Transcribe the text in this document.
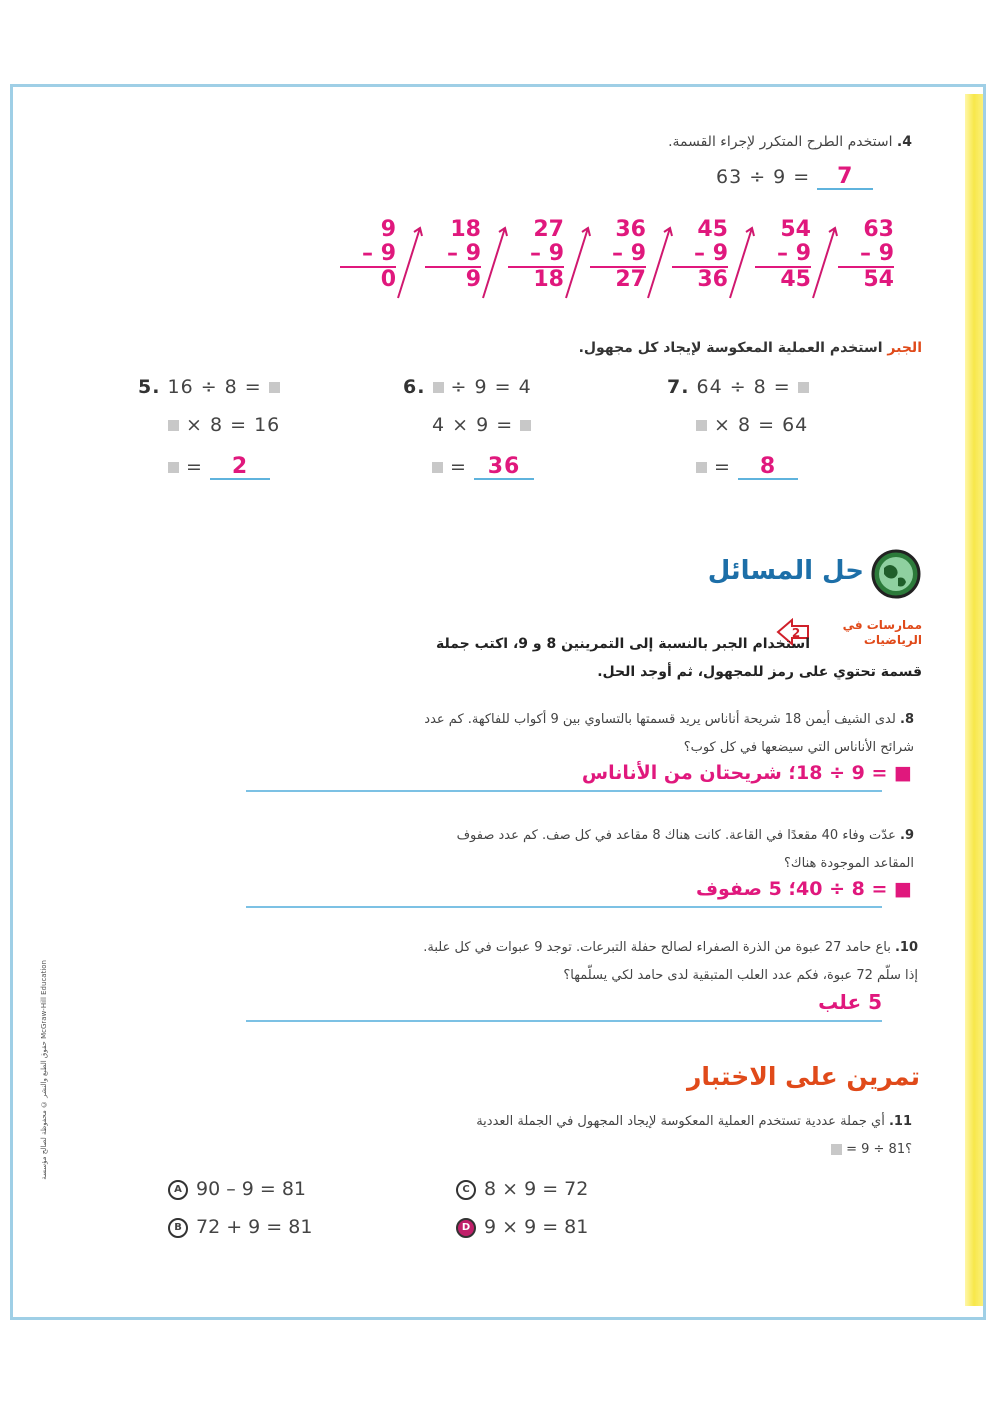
حقوق الطبع والنشر © محفوظة لصالح مؤسسة McGraw-Hill Education
4. استخدم الطرح المتكرر لإجراء القسمة.
63 ÷ 9 = 7
63
– 9
54
54
– 9
45
45
– 9
36
36
– 9
27
27
– 9
18
18
– 9
9
9
– 9
0
الجبر استخدم العملية المعكوسة لإيجاد كل مجهول.
5. 16 ÷ 8 =
× 8 = 16
= 2
6. ÷ 9 = 4
4 × 9 =
= 36
7. 64 ÷ 8 =
× 8 = 64
= 8
حل المسائل
ممارسات في
الرياضيات
2
استخدام الجبر بالنسبة إلى التمرينين 8 و 9، اكتب جملة
قسمة تحتوي على رمز للمجهول، ثم أوجد الحل.
8. لدى الشيف أيمن 18 شريحة أناناس يريد قسمتها بالتساوي بين 9 أكواب للفاكهة. كم عدد
شرائح الأناناس التي سيضعها في كل كوب؟
■ = 9 ÷ 18؛ شريحتان من الأناناس
9. عدّت وفاء 40 مقعدًا في القاعة. كانت هناك 8 مقاعد في كل صف. كم عدد صفوف
المقاعد الموجودة هناك؟
■ = 8 ÷ 40؛ 5 صفوف
10. باع حامد 27 عبوة من الذرة الصفراء لصالح حفلة التبرعات. توجد 9 عبوات في كل علبة.
إذا سلّم 72 عبوة، فكم عدد العلب المتبقية لدى حامد لكي يسلّمها؟
5 علب
تمرين على الاختبار
11. أي جملة عددية تستخدم العملية المعكوسة لإيجاد المجهول في الجملة العددية
؟81 ÷ 9 =
A 90 – 9 = 81
B 72 + 9 = 81
C 8 × 9 = 72
D 9 × 9 = 81
